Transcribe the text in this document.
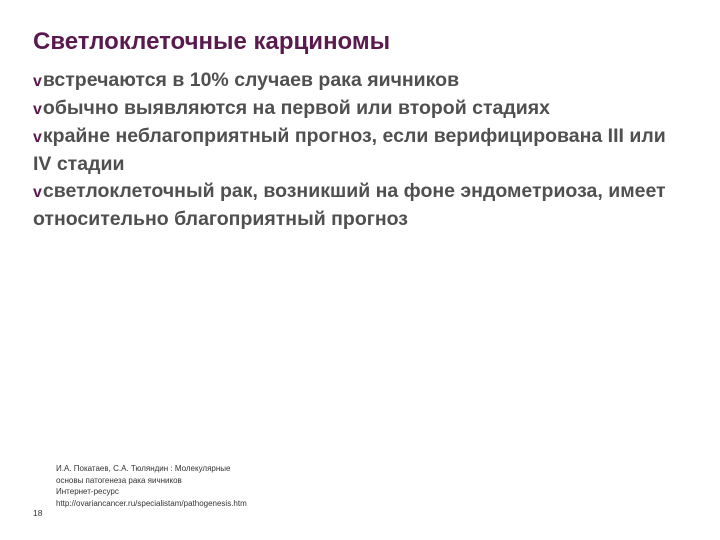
Светлоклеточные карциномы
vвстречаются в 10% случаев рака яичников
vобычно выявляются на первой или второй стадиях
vкрайне неблагоприятный прогноз, если верифицирована III или IV стадии
vсветлоклеточный рак, возникший на фоне эндометриоза, имеет относительно благоприятный прогноз
И.А. Покатаев, С.А. Тюляндин : Молекулярные
основы патогенеза рака яичников
Интернет-ресурс
http://ovariancancer.ru/specialistam/pathogenesis.htm
18
